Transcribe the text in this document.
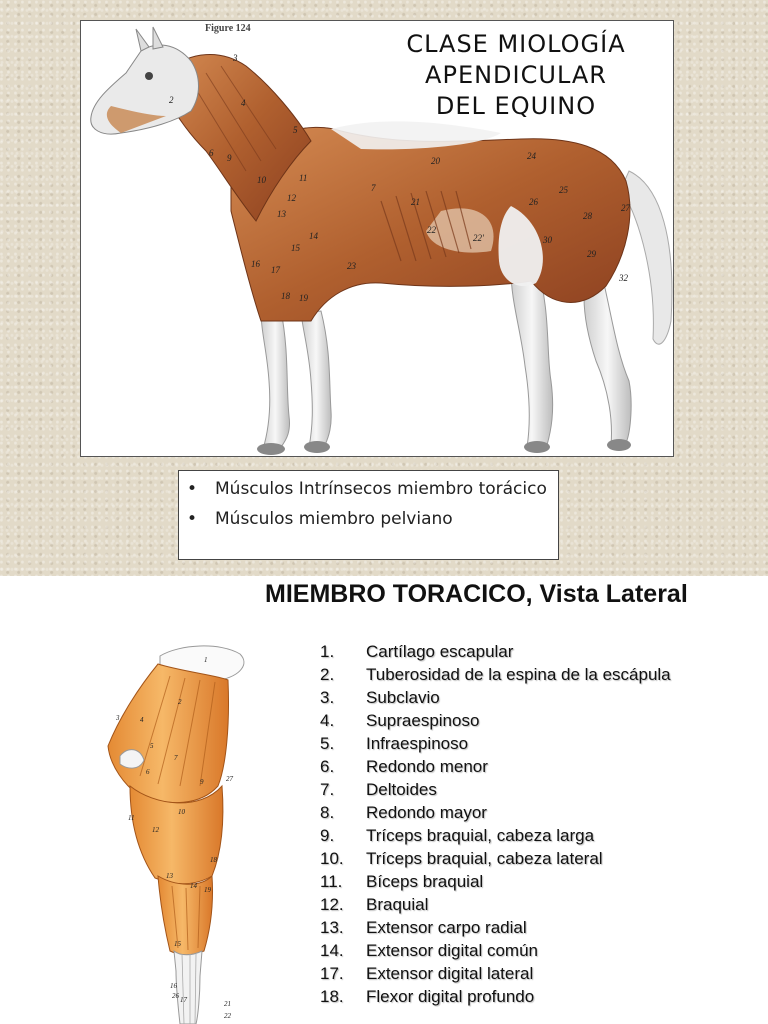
Figure 124
3
2	4
5
6 9
10	11
12
13
14
15
16
17
18 19
20
21
22
22'
23
24
25
26
27
28
29
30
32
7
CLASE MIOLOGÍA
APENDICULAR
DEL EQUINO
• Músculos Intrínsecos miembro torácico
• Músculos miembro pelviano
MIEMBRO TORACICO, Vista Lateral
1
2
3	4
5
6
7
9
10
11
12
13
14
15
16
17
18
19
21
22
26
27
1.	Cartílago escapular
2.	Tuberosidad de la espina de la escápula
3.	Subclavio
4.	Supraespinoso
5.	Infraespinoso
6.	Redondo menor
7.	Deltoides
8.	Redondo mayor
9.	Tríceps braquial, cabeza larga
10.	Tríceps braquial, cabeza lateral
11.	Bíceps braquial
12.	Braquial
13.	Extensor carpo radial
14.	Extensor digital común
17.	Extensor digital lateral
18.	Flexor digital profundo
